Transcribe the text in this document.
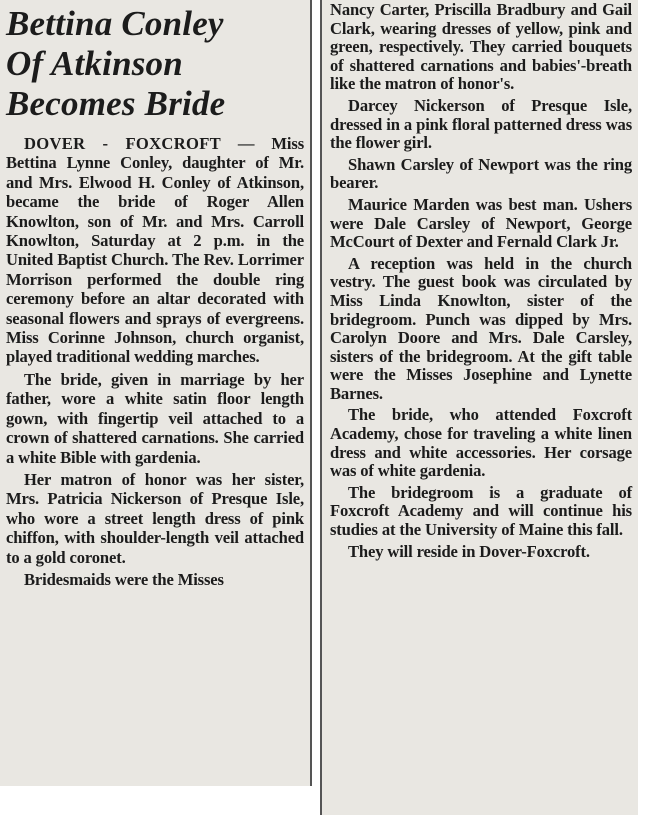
Bettina Conley
Of Atkinson
Becomes Bride

DOVER - FOXCROFT — Miss Bettina Lynne Conley, daughter of Mr. and Mrs. Elwood H. Conley of Atkinson, became the bride of Roger Allen Knowlton, son of Mr. and Mrs. Carroll Knowlton, Saturday at 2 p.m. in the United Baptist Church. The Rev. Lorrimer Morrison performed the double ring ceremony before an altar decorated with seasonal flowers and sprays of evergreens. Miss Corinne Johnson, church organist, played traditional wedding marches.

The bride, given in marriage by her father, wore a white satin floor length gown, with fingertip veil attached to a crown of shattered carnations. She carried a white Bible with gardenia.

Her matron of honor was her sister, Mrs. Patricia Nickerson of Presque Isle, who wore a street length dress of pink chiffon, with shoulder-length veil attached to a gold coronet.

Bridesmaids were the Misses

Nancy Carter, Priscilla Bradbury and Gail Clark, wearing dresses of yellow, pink and green, respectively. They carried bouquets of shattered carnations and babies'-breath like the matron of honor's.

Darcey Nickerson of Presque Isle, dressed in a pink floral patterned dress was the flower girl.

Shawn Carsley of Newport was the ring bearer.

Maurice Marden was best man. Ushers were Dale Carsley of Newport, George McCourt of Dexter and Fernald Clark Jr.

A reception was held in the church vestry. The guest book was circulated by Miss Linda Knowlton, sister of the bridegroom. Punch was dipped by Mrs. Carolyn Doore and Mrs. Dale Carsley, sisters of the bridegroom. At the gift table were the Misses Josephine and Lynette Barnes.

The bride, who attended Foxcroft Academy, chose for traveling a white linen dress and white accessories. Her corsage was of white gardenia.

The bridegroom is a graduate of Foxcroft Academy and will continue his studies at the University of Maine this fall.

They will reside in Dover-Foxcroft.
